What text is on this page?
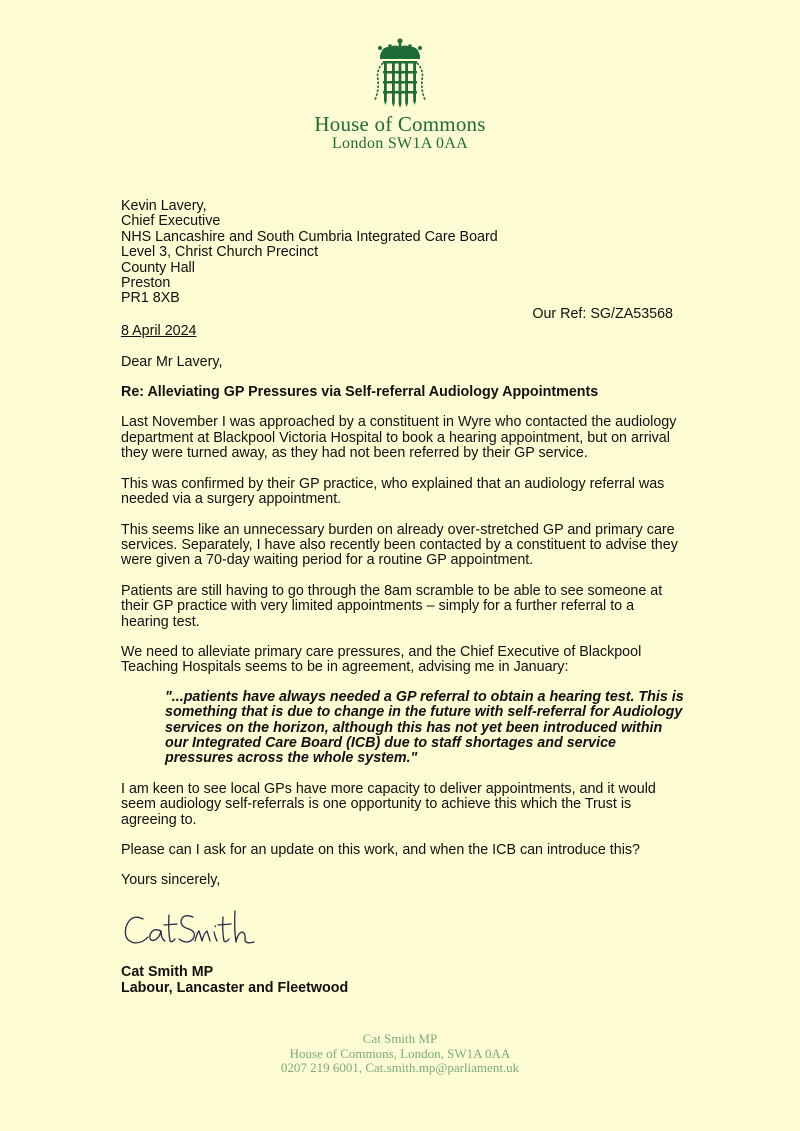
House of Commons
London SW1A 0AA
Kevin Lavery,
Chief Executive
NHS Lancashire and South Cumbria Integrated Care Board
Level 3, Christ Church Precinct
County Hall
Preston
PR1 8XB
Our Ref: SG/ZA53568
8 April 2024
Dear Mr Lavery,
Re: Alleviating GP Pressures via Self-referral Audiology Appointments
Last November I was approached by a constituent in Wyre who contacted the audiology department at Blackpool Victoria Hospital to book a hearing appointment, but on arrival they were turned away, as they had not been referred by their GP service.
This was confirmed by their GP practice, who explained that an audiology referral was needed via a surgery appointment.
This seems like an unnecessary burden on already over-stretched GP and primary care services. Separately, I have also recently been contacted by a constituent to advise they were given a 70-day waiting period for a routine GP appointment.
Patients are still having to go through the 8am scramble to be able to see someone at their GP practice with very limited appointments – simply for a further referral to a hearing test.
We need to alleviate primary care pressures, and the Chief Executive of Blackpool Teaching Hospitals seems to be in agreement, advising me in January:
"...patients have always needed a GP referral to obtain a hearing test. This is something that is due to change in the future with self-referral for Audiology services on the horizon, although this has not yet been introduced within our Integrated Care Board (ICB) due to staff shortages and service pressures across the whole system."
I am keen to see local GPs have more capacity to deliver appointments, and it would seem audiology self-referrals is one opportunity to achieve this which the Trust is agreeing to.
Please can I ask for an update on this work, and when the ICB can introduce this?
Yours sincerely,
Cat Smith MP
Labour, Lancaster and Fleetwood
Cat Smith MP
House of Commons, London, SW1A 0AA
0207 219 6001, Cat.smith.mp@parliament.uk
